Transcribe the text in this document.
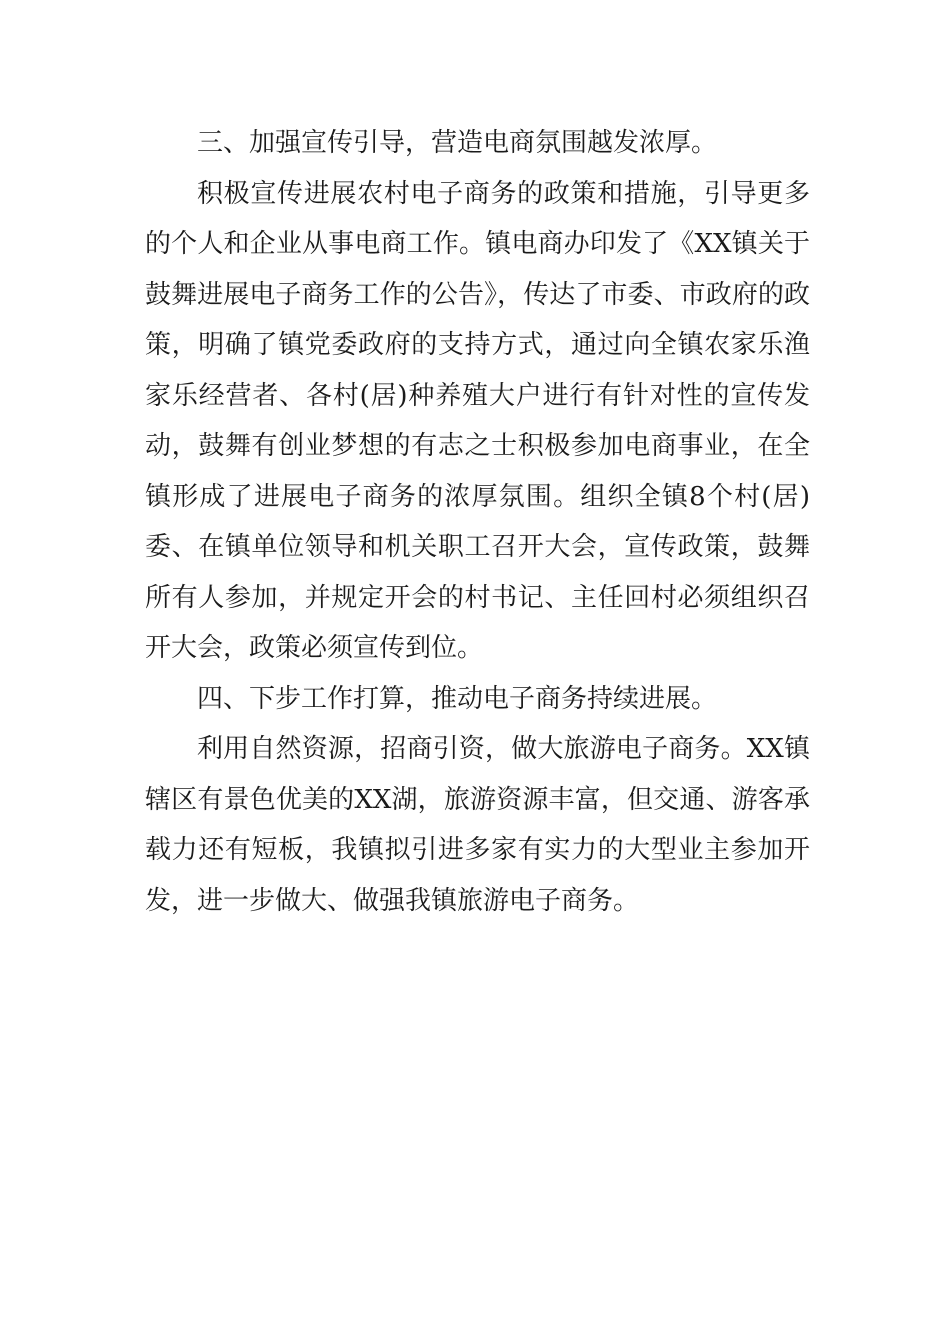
三、加强宣传引导，营造电商氛围越发浓厚。

积极宣传进展农村电子商务的政策和措施，引导更多的个人和企业从事电商工作。镇电商办印发了《XX镇关于鼓舞进展电子商务工作的公告》，传达了市委、市政府的政策，明确了镇党委政府的支持方式，通过向全镇农家乐渔家乐经营者、各村(居)种养殖大户进行有针对性的宣传发动，鼓舞有创业梦想的有志之士积极参加电商事业，在全镇形成了进展电子商务的浓厚氛围。组织全镇8个村(居)委、在镇单位领导和机关职工召开大会，宣传政策，鼓舞所有人参加，并规定开会的村书记、主任回村必须组织召开大会，政策必须宣传到位。

四、下步工作打算，推动电子商务持续进展。

利用自然资源，招商引资，做大旅游电子商务。XX镇辖区有景色优美的XX湖，旅游资源丰富，但交通、游客承载力还有短板，我镇拟引进多家有实力的大型业主参加开发，进一步做大、做强我镇旅游电子商务。
